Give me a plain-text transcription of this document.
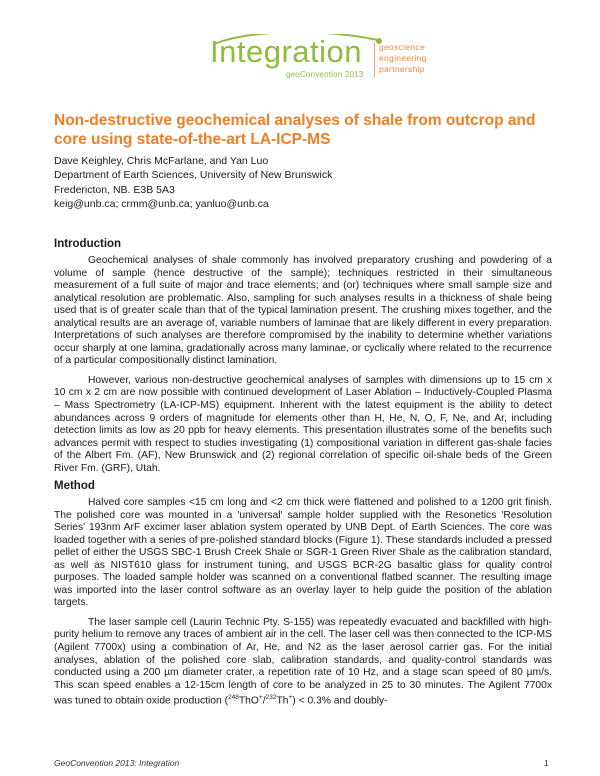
Integration
geoConvention 2013
geoscience
engineering
partnership
Non-destructive geochemical analyses of shale from outcrop and core using state-of-the-art LA-ICP-MS
Dave Keighley, Chris McFarlane, and Yan Luo
Department of Earth Sciences, University of New Brunswick
Fredericton, NB. E3B 5A3
keig@unb.ca; crmm@unb.ca; yanluo@unb.ca
Introduction

Geochemical analyses of shale commonly has involved preparatory crushing and powdering of a volume of sample (hence destructive of the sample); techniques restricted in their simultaneous measurement of a full suite of major and trace elements; and (or) techniques where small sample size and analytical resolution are problematic. Also, sampling for such analyses results in a thickness of shale being used that is of greater scale than that of the typical lamination present. The crushing mixes together, and the analytical results are an average of, variable numbers of laminae that are likely different in every preparation. Interpretations of such analyses are therefore compromised by the inability to determine whether variations occur sharply at one lamina, gradationally across many laminae, or cyclically where related to the recurrence of a particular compositionally distinct lamination.

However, various non-destructive geochemical analyses of samples with dimensions up to 15 cm x 10 cm x 2 cm are now possible with continued development of Laser Ablation – Inductively-Coupled Plasma – Mass Spectrometry (LA-ICP-MS) equipment. Inherent with the latest equipment is the ability to detect abundances across 9 orders of magnitude for elements other than H, He, N, O, F, Ne, and Ar, including detection limits as low as 20 ppb for heavy elements. This presentation illustrates some of the benefits such advances permit with respect to studies investigating (1) compositional variation in different gas-shale facies of the Albert Fm. (AF), New Brunswick and (2) regional correlation of specific oil-shale beds of the Green River Fm. (GRF), Utah.

Method

Halved core samples <15 cm long and <2 cm thick were flattened and polished to a 1200 grit finish. The polished core was mounted in a 'universal' sample holder supplied with the Resonetics 'Resolution Series' 193nm ArF excimer laser ablation system operated by UNB Dept. of Earth Sciences. The core was loaded together with a series of pre-polished standard blocks (Figure 1). These standards included a pressed pellet of either the USGS SBC-1 Brush Creek Shale or SGR-1 Green River Shale as the calibration standard, as well as NIST610 glass for instrument tuning, and USGS BCR-2G basaltic glass for quality control purposes. The loaded sample holder was scanned on a conventional flatbed scanner. The resulting image was imported into the laser control software as an overlay layer to help guide the position of the ablation targets.

The laser sample cell (Laurin Technic Pty. S-155) was repeatedly evacuated and backfilled with high-purity helium to remove any traces of ambient air in the cell. The laser cell was then connected to the ICP-MS (Agilent 7700x) using a combination of Ar, He, and N2 as the laser aerosol carrier gas. For the initial analyses, ablation of the polished core slab, calibration standards, and quality-control standards was conducted using a 200 µm diameter crater, a repetition rate of 10 Hz, and a stage scan speed of 80 µm/s. This scan speed enables a 12-15cm length of core to be analyzed in 25 to 30 minutes. The Agilent 7700x was tuned to obtain oxide production ($^{248}$ThO+/$^{232}$Th+) < 0.3% and doubly-

GeoConvention 2013: Integration	1
